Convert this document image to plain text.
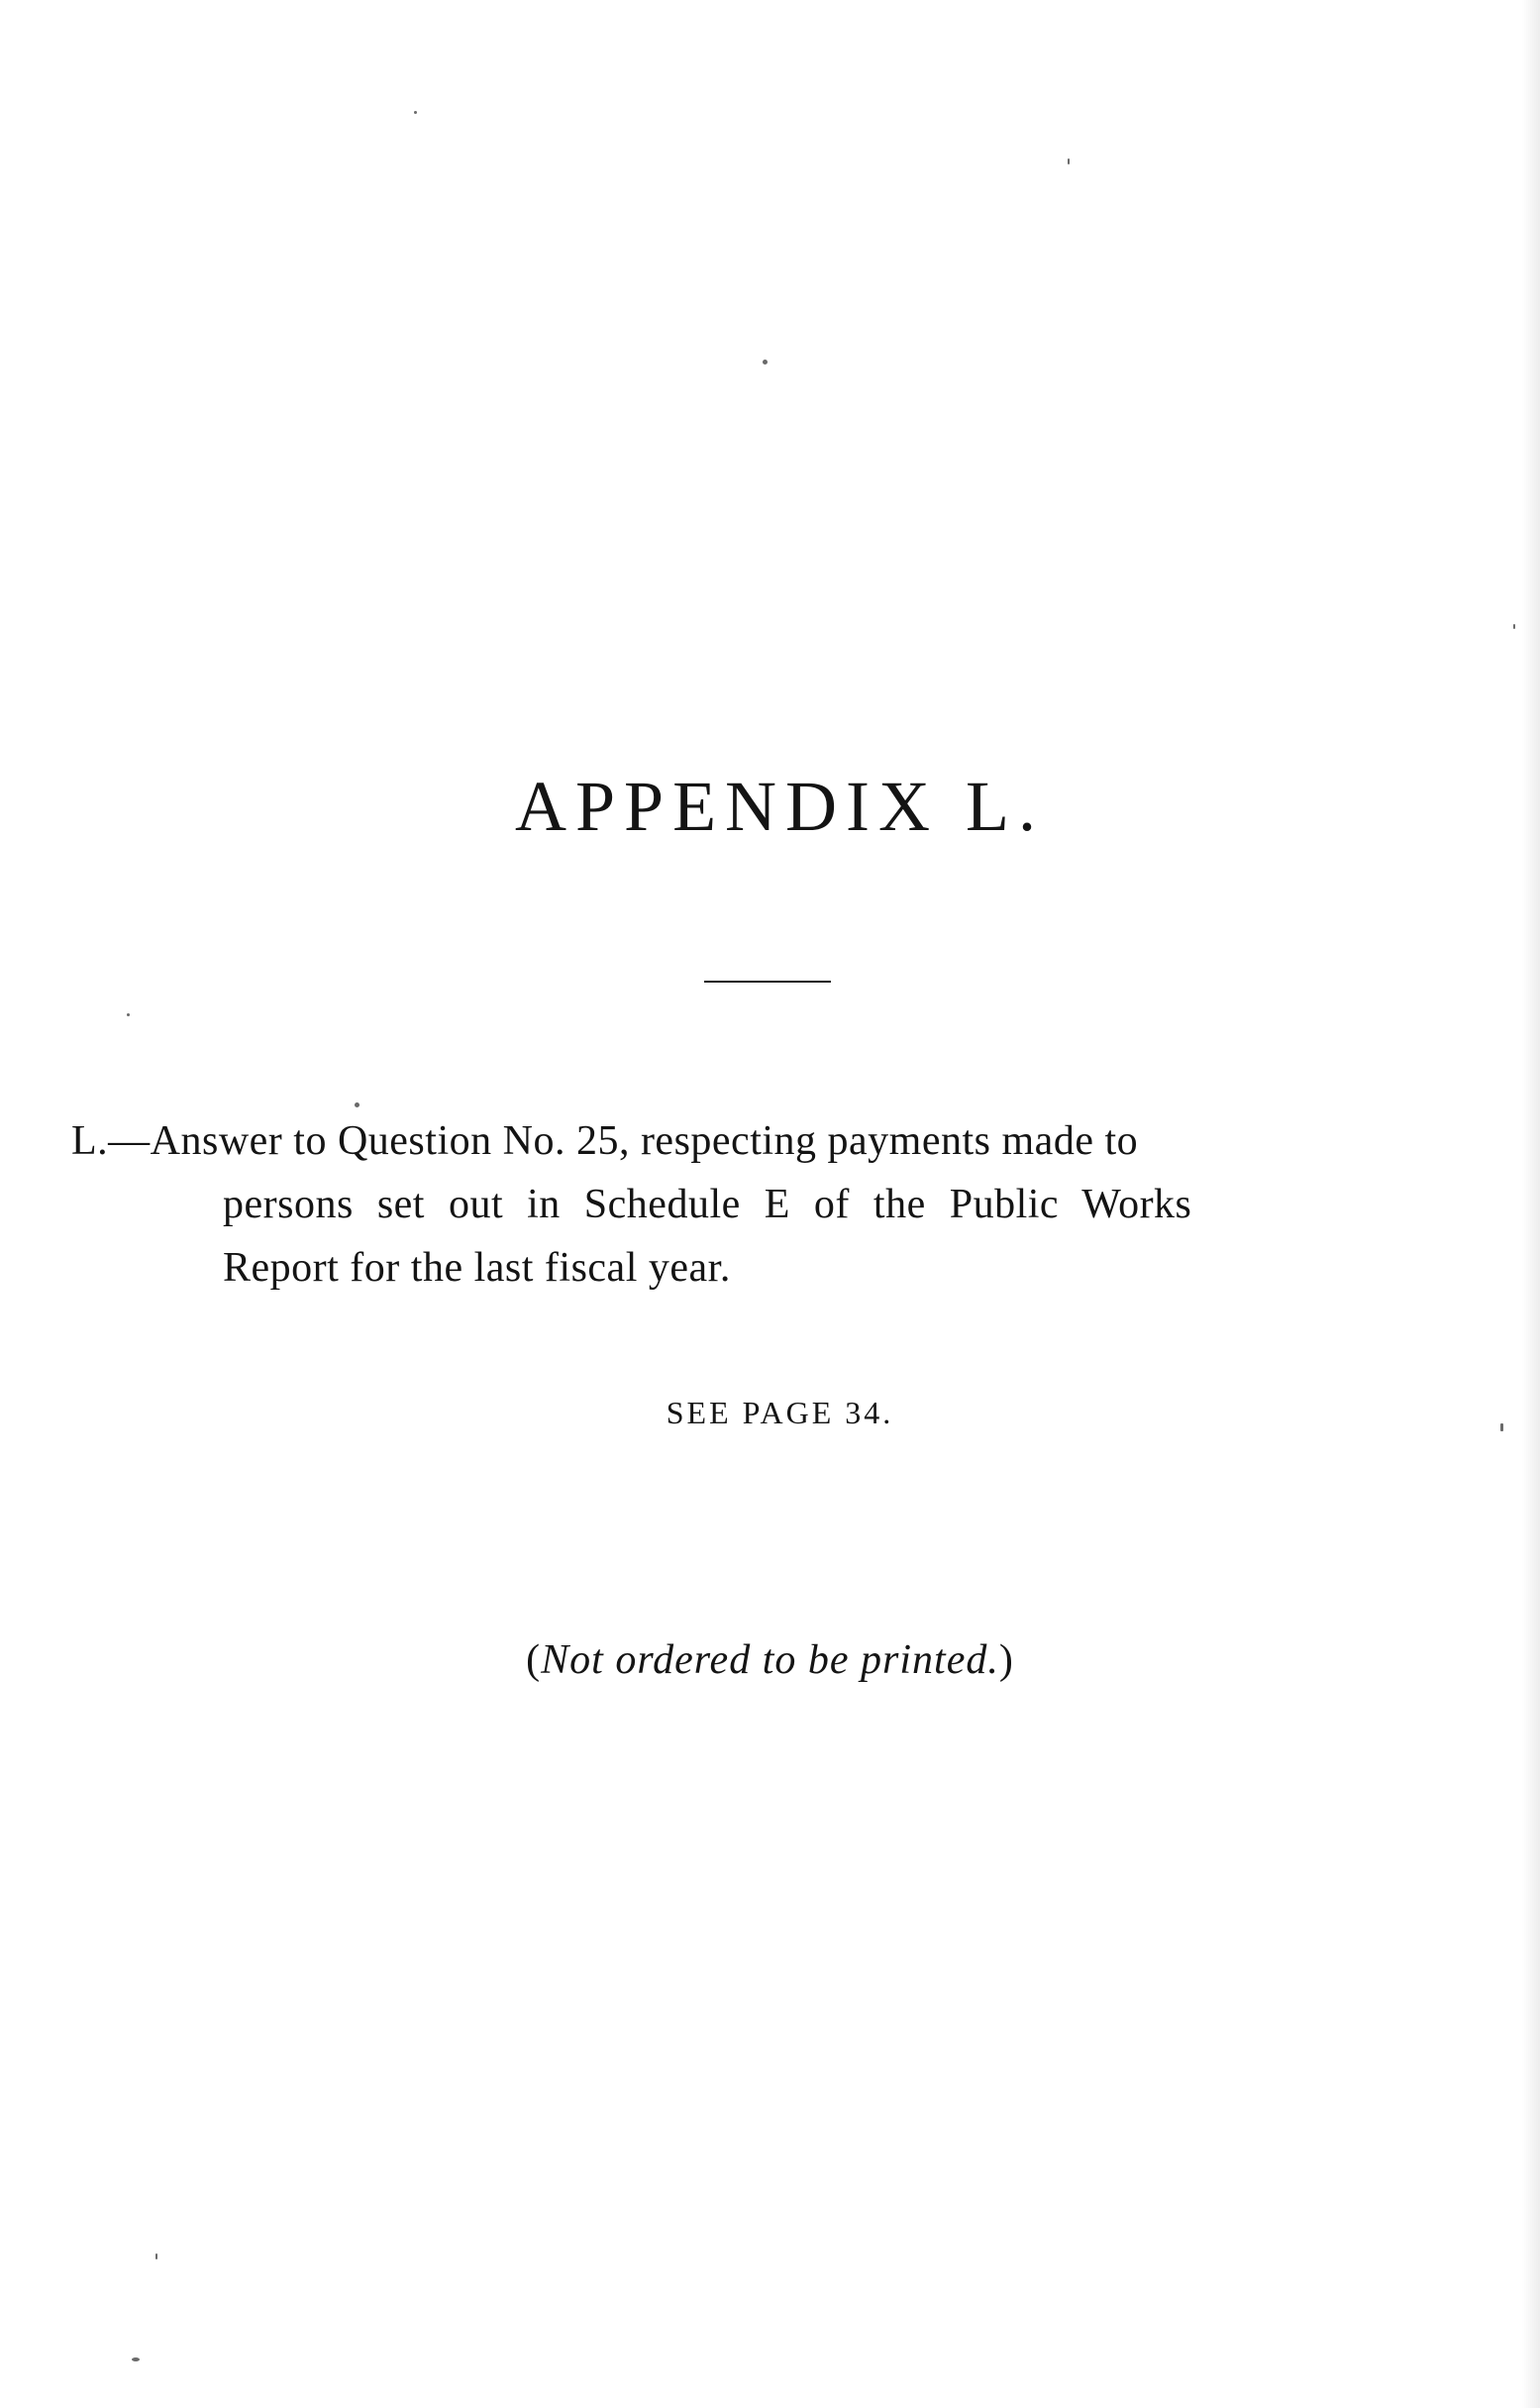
APPENDIX L.
L.—Answer to Question No. 25, respecting payments made to
persons set out in Schedule E of the Public Works
Report for the last fiscal year.
SEE PAGE 34.
(Not ordered to be printed.)
